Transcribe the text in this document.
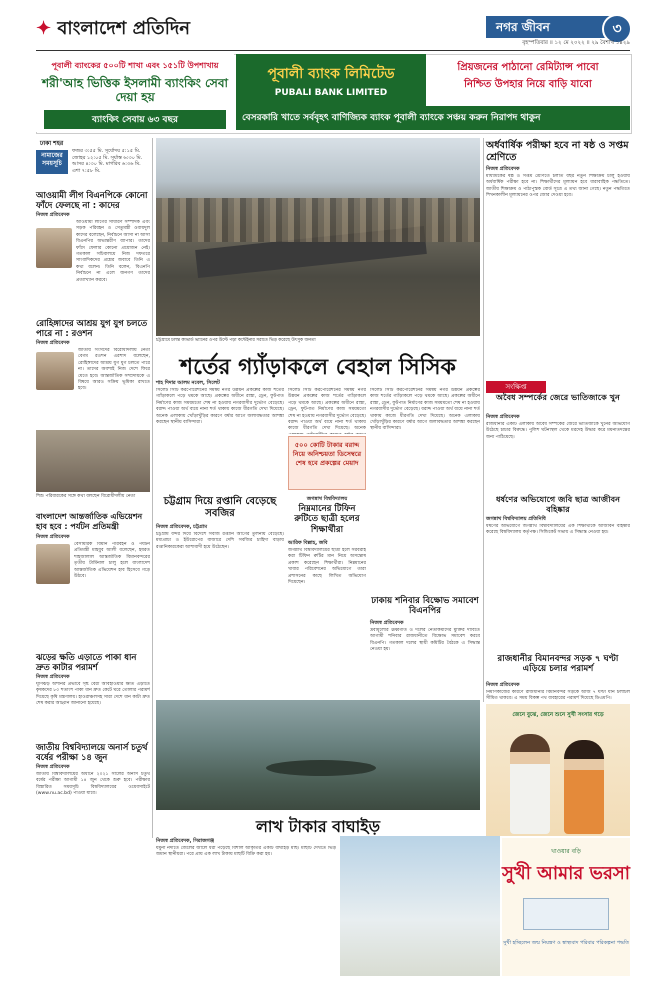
✦ বাংলাদেশ প্রতিদিন	নগর জীবন	৩
বৃহস্পতিবার ॥ ১২ মে ২০২২ ॥ ২৯ বৈশাখ ১৪২৯
পূবালী ব্যাংকের ৫০০টি শাখা এবং ১৫১টি উপশাখায়
শরী'আহ ভিত্তিক ইসলামী ব্যাংকিং সেবা দেয়া হয়
ব্যাংকিং সেবায় ৬৩ বছর
পূবালী ব্যাংক লিমিটেড
PUBALI BANK LIMITED
প্রিয়জনের পাঠানো রেমিট্যান্স পাবো
নিশ্চিত উপহার নিয়ে বাড়ি যাবো
বেসরকারি খাতে সর্ববৃহৎ বাণিজ্যিক ব্যাংক পূবালী ব্যাংকে সঞ্চয় করুন নিরাপদ থাকুন
ঢাকা শহর
নামাজের সময়সূচি
ফজর ৩:৫৫ মি. সূর্যোদয় ৫:১৫ মি. জোহর ১২:০৫ মি. সূর্যাস্ত ৬:৩০ মি. আসর ৪:৩০ মি. মাগরিব ৬:৩৬ মি. এশা ৭:৫৮ মি.
আওয়ামী লীগ বিএনপিকে কোনো ফাঁদে ফেলছে না : কাদের
নিজস্ব প্রতিবেদক
আওয়ামী লীগের সাধারণ সম্পাদক এবং সড়ক পরিবহন ও সেতুমন্ত্রী ওবায়দুল কাদের বলেছেন, নির্বাচনে আসা না আসা বিএনপির অভ্যন্তরীণ ব্যাপার। তাদের ফাঁদে ফেলার কোনো প্রয়োজন নেই। গতকাল সচিবালয়ে নিজ দফতরে সাংবাদিকদের প্রশ্নের জবাবে তিনি এ কথা বলেন। তিনি বলেন, বিএনপি নির্বাচনে না এলে জনগণ তাদের প্রত্যাখ্যান করবে।
রোহিঙ্গাদের আশ্রয় যুগ যুগ চলতে পারে না : রওশন
নিজস্ব প্রতিবেদক
জাতীয় সংসদের বিরোধীদলীয় নেতা বেগম রওশন এরশাদ বলেছেন, রোহিঙ্গাদের আশ্রয় যুগ যুগ চলতে পারে না। তাদের অবশ্যই নিজ দেশে ফিরে যেতে হবে। আন্তর্জাতিক সম্প্রদায়কে এ বিষয়ে আরও সক্রিয় ভূমিকা রাখতে হবে।
শিশু পরিবারকের সঙ্গে কথা বলছেন বিরোধীদলীয় নেতা
বাংলাদেশ আন্তর্জাতিক এভিয়েশন হাব হবে : পর্যটন প্রতিমন্ত্রী
নিজস্ব প্রতিবেদক
বেসামরিক বিমান পরিবহন ও পর্যটন প্রতিমন্ত্রী মাহবুব আলী বলেছেন, হযরত শাহজালাল আন্তর্জাতিক বিমানবন্দরের তৃতীয় টার্মিনাল চালু হলে বাংলাদেশ আন্তর্জাতিক এভিয়েশন হাব হিসেবে গড়ে উঠবে।
ঝড়ের ক্ষতি এড়াতে পাকা ধান দ্রুত কাটার পরামর্শ
নিজস্ব প্রতিবেদক
ঘূর্ণিঝড় অশনির প্রভাবে সৃষ্ট বৈরী আবহাওয়ার ক্ষতি এড়াতে কৃষকদের ৮০ শতাংশ পাকা ধান দ্রুত কেটে ঘরে তোলার পরামর্শ দিয়েছে কৃষি মন্ত্রণালয়। হাওরাঞ্চলসহ সারা দেশে ধান কাটা দ্রুত শেষ করার আহ্বান জানানো হয়েছে।
জাতীয় বিশ্ববিদ্যালয়ে অনার্স চতুর্থ বর্ষের পরীক্ষা ১৪ জুন
নিজস্ব প্রতিবেদক
জাতীয় বিশ্ববিদ্যালয়ের অধীনে ২০২১ সালের অনার্স চতুর্থ বর্ষের পরীক্ষা আগামী ১৪ জুন থেকে শুরু হবে। পরীক্ষার বিস্তারিত সময়সূচি বিশ্ববিদ্যালয়ের ওয়েবসাইটে (www.nu.ac.bd) পাওয়া যাবে।
চট্টগ্রামে চলন্ত কাভার্ড ভ্যানের ওপর উল্টে পড়া কন্টেইনার সরাতে ভিড় করেছে উৎসুক জনতা
শর্তের গ্যাঁড়াকলে বেহাল সিসিক
শাহ দিদার আলম নবেল, সিলেট
সিলেট সিটি করপোরেশনের সমন্বয় নগর উন্নয়ন প্রকল্পের কাজ শর্তের গ্যাঁড়াকলে পড়ে থমকে আছে। প্রকল্পের অধীনে রাস্তা, ড্রেন, ফুটপাত নির্মাণের কাজ সময়মতো শেষ না হওয়ায় নগরবাসীর দুর্ভোগ বেড়েছে। বরাদ্দ পাওয়া অর্থ ব্যয়ে নানা শর্ত থাকায় কাজে ধীরগতি দেখা দিয়েছে। অনেক এলাকায় খোঁড়াখুঁড়ির কারণে বর্ষার আগে জলাবদ্ধতার আশঙ্কা করছেন স্থানীয় বাসিন্দারা।
সিলেট সিটি করপোরেশনের সমন্বয় নগর উন্নয়ন প্রকল্পের কাজ শর্তের গ্যাঁড়াকলে পড়ে থমকে আছে। প্রকল্পের অধীনে রাস্তা, ড্রেন, ফুটপাত নির্মাণের কাজ সময়মতো শেষ না হওয়ায় নগরবাসীর দুর্ভোগ বেড়েছে। বরাদ্দ পাওয়া অর্থ ব্যয়ে নানা শর্ত থাকায় কাজে ধীরগতি দেখা দিয়েছে। অনেক
৫০০ কোটি টাকার বরাদ্দ নিয়ে অনিশ্চয়তা ডিসেম্বরে শেষ হবে প্রকল্পের মেয়াদ
সিলেট সিটি করপোরেশনের সমন্বয় নগর উন্নয়ন প্রকল্পের কাজ শর্তের গ্যাঁড়াকলে পড়ে থমকে আছে। প্রকল্পের অধীনে রাস্তা, ড্রেন, ফুটপাত নির্মাণের কাজ সময়মতো শেষ না হওয়ায় নগরবাসীর দুর্ভোগ বেড়েছে। বরাদ্দ পাওয়া অর্থ ব্যয়ে নানা শর্ত থাকায় কাজে ধীরগতি দেখা দিয়েছে। অনেক এলাকায় খোঁড়াখুঁড়ির কারণে বর্ষার আগে জলাবদ্ধতার আশঙ্কা করছেন স্থানীয় বাসিন্দারা।
চট্টগ্রাম দিয়ে রপ্তানি বেড়েছে সবজির
নিজস্ব প্রতিবেদক, চট্টগ্রাম
চট্টগ্রাম বন্দর দিয়ে বিদেশে সবজি রপ্তানি আগের তুলনায় বেড়েছে। মধ্যপ্রাচ্য ও ইউরোপের বাজারে দেশি সবজির চাহিদা বাড়ায় রপ্তানিকারকেরা আশাবাদী হয়ে উঠেছেন।
জগন্নাথ বিশ্ববিদ্যালয়
নিম্নমানের টিফিন রুটিতে ছাত্রী হলের শিক্ষার্থীরা
আরিফ বিল্লাহ, জবি
জগন্নাথ বিশ্ববিদ্যালয়ের ছাত্রী হলে সরবরাহ করা টিফিন রুটির মান নিয়ে অসন্তোষ প্রকাশ করেছেন শিক্ষার্থীরা। নিম্নমানের খাবার পরিবেশনের অভিযোগে তারা প্রশাসনের কাছে লিখিত অভিযোগ দিয়েছেন।
ঢাকায় শনিবার বিক্ষোভ সমাবেশ বিএনপির
নিজস্ব প্রতিবেদক
দ্রব্যমূল্যের ঊর্ধ্বগতি ও দলের নেতাকর্মীদের মুক্তির দাবিতে আগামী শনিবার রাজধানীতে বিক্ষোভ সমাবেশ করবে বিএনপি। গতকাল দলের স্থায়ী কমিটির বৈঠকে এ সিদ্ধান্ত নেওয়া হয়।
লাখ টাকার বাঘাইড়
নিজস্ব প্রতিবেদক, সিরাজগঞ্জ
যমুনা নদীতে জেলের জালে ধরা পড়েছে বিশাল আকৃতির একটি বাঘাইড় মাছ। মাছটি দেখতে ভিড় জমান স্থানীয়রা। পরে প্রায় এক লাখ টাকায় মাছটি বিক্রি করা হয়।
অর্ধবার্ষিক পরীক্ষা হবে না ষষ্ঠ ও সপ্তম শ্রেণিতে
নিজস্ব প্রতিবেদক
মাধ্যমিকের ষষ্ঠ ও সপ্তম শ্রেণিতে চলতি বছর নতুন শিক্ষাক্রম চালু হওয়ায় অর্ধবার্ষিক পরীক্ষা হবে না। শিক্ষার্থীদের মূল্যায়ন হবে ধারাবাহিক পদ্ধতিতে। জাতীয় শিক্ষাক্রম ও পাঠ্যপুস্তক বোর্ড সূত্রে এ তথ্য জানা গেছে। নতুন পদ্ধতিতে শিখনকালীন মূল্যায়নের ওপর জোর দেওয়া হবে।
সংক্ষিপ্ত
অবৈধ সম্পর্কের জেরে ভাতিজাকে খুন
নিজস্ব প্রতিবেদক
রাজধানীর একটি এলাকায় অবৈধ সম্পর্কের জেরে ভাতিজাকে খুনের অভিযোগ উঠেছে চাচার বিরুদ্ধে। পুলিশ ঘটনাস্থল থেকে মরদেহ উদ্ধার করে ময়নাতদন্তের জন্য পাঠিয়েছে।
ধর্ষণের অভিযোগে জবি ছাত্র আজীবন বহিষ্কার
জগন্নাথ বিশ্ববিদ্যালয় প্রতিনিধি
ধর্ষণের অভিযোগে জগন্নাথ বিশ্ববিদ্যালয়ের এক শিক্ষার্থীকে আজীবন বহিষ্কার করেছে বিশ্ববিদ্যালয় কর্তৃপক্ষ। সিন্ডিকেট সভায় এ সিদ্ধান্ত নেওয়া হয়।
রাজধানীর বিমানবন্দর সড়ক ৭ ঘণ্টা এড়িয়ে চলার পরামর্শ
নিজস্ব প্রতিবেদক
নির্মাণকাজের কারণে রাজধানীর বিমানবন্দর সড়কে আজ ৭ ঘণ্টা যান চলাচল সীমিত থাকবে। এ সময় বিকল্প পথ ব্যবহারের পরামর্শ দিয়েছে ডিএমপি।
জেনে বুঝে, জেনে শুনে সুখী সংসার গড়ে
খাওয়ার বড়ি
সুখী আমার ভরসা
সুখী হচ্ছিলেন জন্ম নিয়ন্ত্রণ ও স্বাস্থ্যবাদ পরিবার পরিকল্পনা পদ্ধতি
